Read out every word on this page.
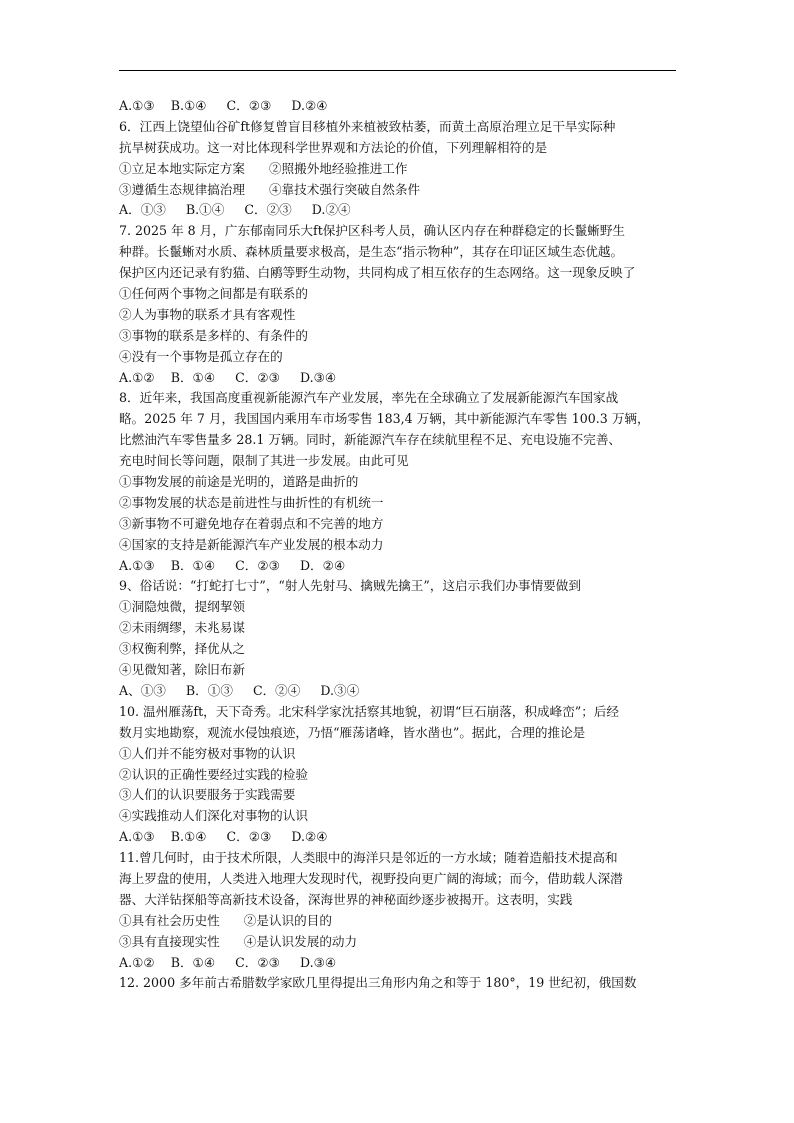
A.①③    B.①④     C．②③     D.②④
6．江西上饶望仙谷矿ft修复曾盲目移植外来植被致枯萎，而黄土高原治理立足干旱实际种
抗旱树获成功。这一对比体现科学世界观和方法论的价值，下列理解相符的是
①立足本地实际定方案      ②照搬外地经验推进工作
③遵循生态规律搞治理      ④靠技术强行突破自然条件
A．①③     B.①④     C．②③     D.②④
7. 2025 年 8 月，广东郁南同乐大ft保护区科考人员，确认区内存在种群稳定的长鬣蜥野生
种群。长鬣蜥对水质、森林质量要求极高，是生态“指示物种”，其存在印证区域生态优越。
保护区内还记录有豹猫、白鹇等野生动物，共同构成了相互依存的生态网络。这一现象反映了
①任何两个事物之间都是有联系的
②人为事物的联系才具有客观性
③事物的联系是多样的、有条件的
④没有一个事物是孤立存在的
A.①②    B．①④     C．②③     D.③④
8．近年来，我国高度重视新能源汽车产业发展，率先在全球确立了发展新能源汽车国家战
略。2025 年 7 月，我国国内乘用车市场零售 183,4 万辆，其中新能源汽车零售 100.3 万辆，
比燃油汽车零售量多 28.1 万辆。同时，新能源汽车存在续航里程不足、充电设施不完善、
充电时间长等问题，限制了其进一步发展。由此可见
①事物发展的前途是光明的，道路是曲折的
②事物发展的状态是前进性与曲折性的有机统一
③新事物不可避免地存在着弱点和不完善的地方
④国家的支持是新能源汽车产业发展的根本动力
A.①③    B．①④     C．②③     D．②④
9、俗话说：“打蛇打七寸”，“射人先射马、擒贼先擒王”，这启示我们办事情要做到
①洞隐烛微，提纲挈领
②未雨绸缪，未兆易谋
③权衡利弊，择优从之
④见微知著，除旧布新
A、①③     B．①③     C．②④     D.③④
10. 温州雁荡ft，天下奇秀。北宋科学家沈括察其地貌，初谓“巨石崩落，积成峰峦”；后经
数月实地勘察，观流水侵蚀痕迹，乃悟“雁荡诸峰，皆水凿也”。据此，合理的推论是
①人们并不能穷极对事物的认识
②认识的正确性要经过实践的检验
③人们的认识要服务于实践需要
④实践推动人们深化对事物的认识
A.①③    B.①④     C．②③     D.②④
11.曾几何时，由于技术所限，人类眼中的海洋只是邻近的一方水域；随着造船技术提高和
海上罗盘的使用，人类进入地理大发现时代，视野投向更广阔的海域；而今，借助载人深潜
器、大洋钻探船等高新技术设备，深海世界的神秘面纱逐步被揭开。这表明，实践
①具有社会历史性      ②是认识的目的
③具有直接现实性      ④是认识发展的动力
A.①②    B．①④     C．②③     D.③④
12. 2000 多年前古希腊数学家欧几里得提出三角形内角之和等于 180°，19 世纪初，俄国数
